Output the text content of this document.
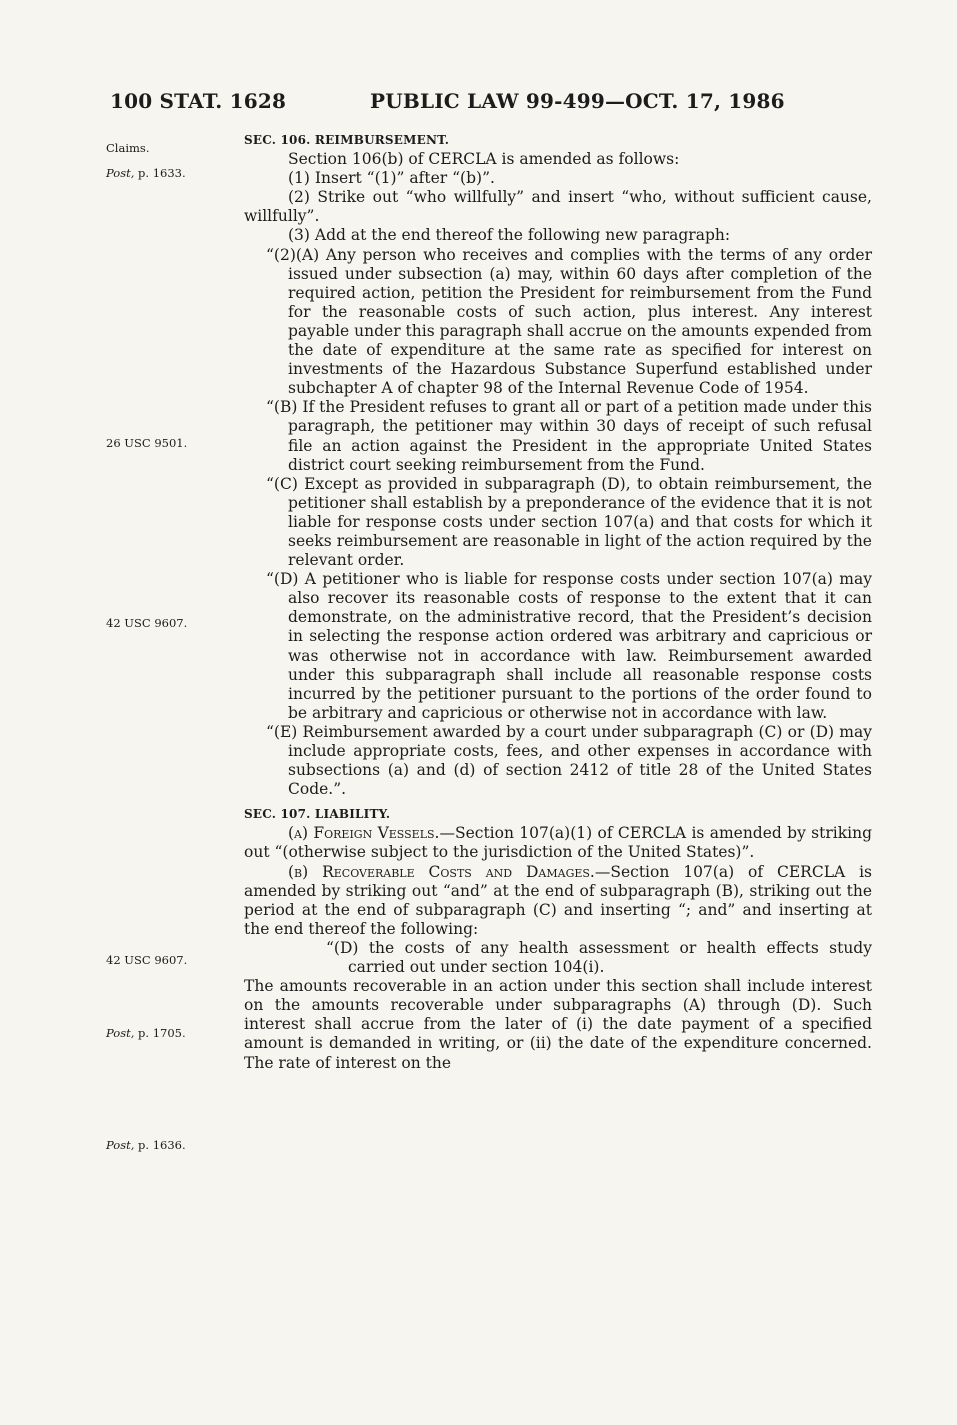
100 STAT. 1628	PUBLIC LAW 99-499—OCT. 17, 1986
Claims.
Post, p. 1633.
26 USC 9501.
42 USC 9607.
42 USC 9607.
Post, p. 1705.
Post, p. 1636.

SEC. 106. REIMBURSEMENT.

Section 106(b) of CERCLA is amended as follows:

(1) Insert “(1)” after “(b)”.

(2) Strike out “who willfully” and insert “who, without sufficient cause, willfully”.

(3) Add at the end thereof the following new paragraph:

“(2)(A) Any person who receives and complies with the terms of any order issued under subsection (a) may, within 60 days after completion of the required action, petition the President for reimbursement from the Fund for the reasonable costs of such action, plus interest. Any interest payable under this paragraph shall accrue on the amounts expended from the date of expenditure at the same rate as specified for interest on investments of the Hazardous Substance Superfund established under subchapter A of chapter 98 of the Internal Revenue Code of 1954.

“(B) If the President refuses to grant all or part of a petition made under this paragraph, the petitioner may within 30 days of receipt of such refusal file an action against the President in the appropriate United States district court seeking reimbursement from the Fund.

“(C) Except as provided in subparagraph (D), to obtain reimbursement, the petitioner shall establish by a preponderance of the evidence that it is not liable for response costs under section 107(a) and that costs for which it seeks reimbursement are reasonable in light of the action required by the relevant order.

“(D) A petitioner who is liable for response costs under section 107(a) may also recover its reasonable costs of response to the extent that it can demonstrate, on the administrative record, that the President’s decision in selecting the response action ordered was arbitrary and capricious or was otherwise not in accordance with law. Reimbursement awarded under this subparagraph shall include all reasonable response costs incurred by the petitioner pursuant to the portions of the order found to be arbitrary and capricious or otherwise not in accordance with law.

“(E) Reimbursement awarded by a court under subparagraph (C) or (D) may include appropriate costs, fees, and other expenses in accordance with subsections (a) and (d) of section 2412 of title 28 of the United States Code.”.

SEC. 107. LIABILITY.

(a) Foreign Vessels.—Section 107(a)(1) of CERCLA is amended by striking out “(otherwise subject to the jurisdiction of the United States)”.

(b) Recoverable Costs and Damages.—Section 107(a) of CERCLA is amended by striking out “and” at the end of subparagraph (B), striking out the period at the end of subparagraph (C) and inserting “; and” and inserting at the end thereof the following:

“(D) the costs of any health assessment or health effects study carried out under section 104(i).

The amounts recoverable in an action under this section shall include interest on the amounts recoverable under subparagraphs (A) through (D). Such interest shall accrue from the later of (i) the date payment of a specified amount is demanded in writing, or (ii) the date of the expenditure concerned. The rate of interest on the
